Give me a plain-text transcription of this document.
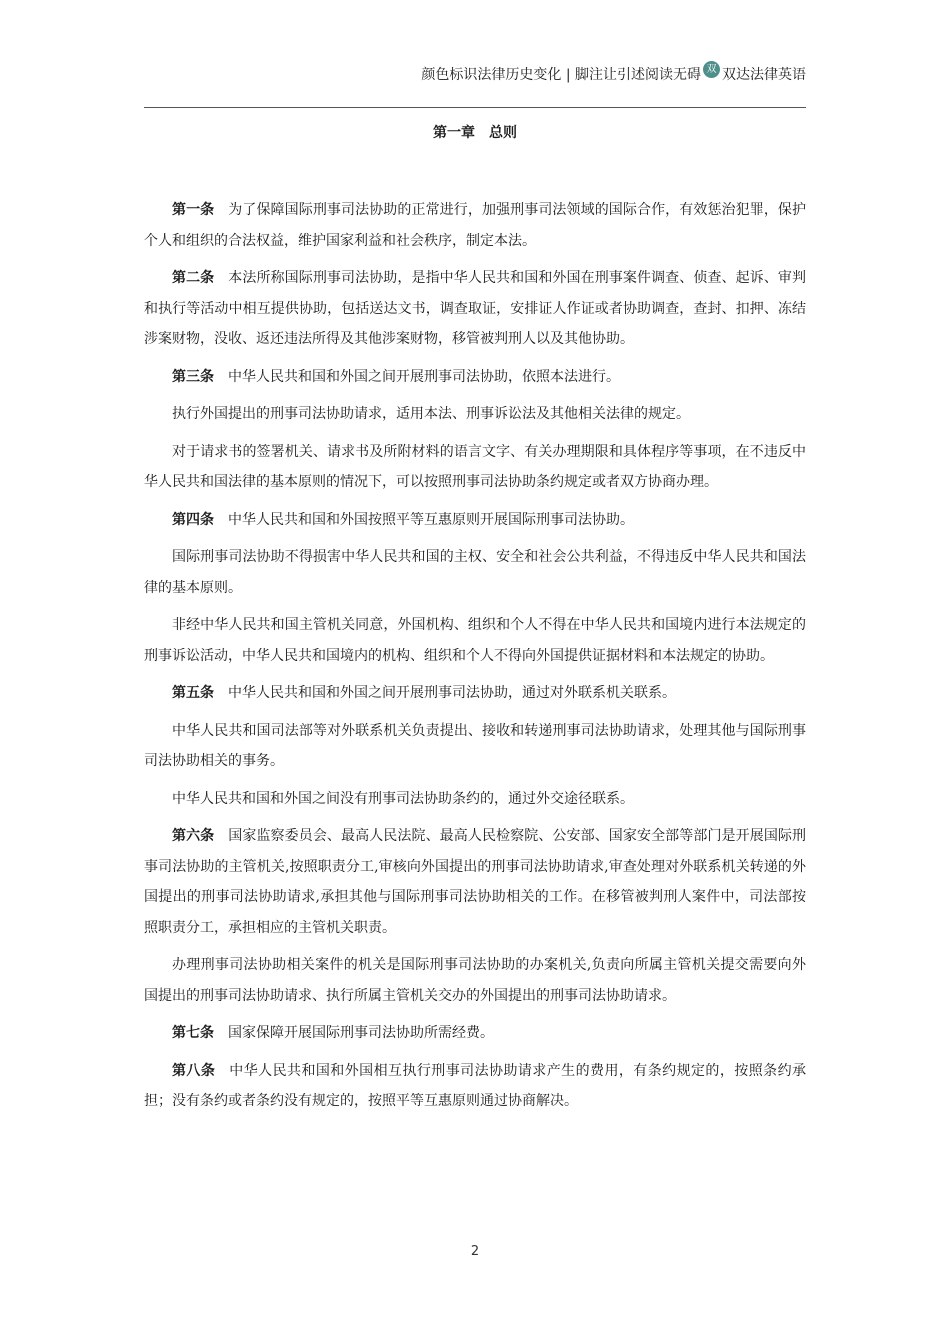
颜色标识法律历史变化 | 脚注让引述阅读无碍 双 双达法律英语
第一章 总则

第一条 为了保障国际刑事司法协助的正常进行，加强刑事司法领域的国际合作，有效惩治犯罪，保护个人和组织的合法权益，维护国家利益和社会秩序，制定本法。

第二条 本法所称国际刑事司法协助，是指中华人民共和国和外国在刑事案件调查、侦查、起诉、审判和执行等活动中相互提供协助，包括送达文书，调查取证，安排证人作证或者协助调查，查封、扣押、冻结涉案财物，没收、返还违法所得及其他涉案财物，移管被判刑人以及其他协助。

第三条 中华人民共和国和外国之间开展刑事司法协助，依照本法进行。

执行外国提出的刑事司法协助请求，适用本法、刑事诉讼法及其他相关法律的规定。

对于请求书的签署机关、请求书及所附材料的语言文字、有关办理期限和具体程序等事项，在不违反中华人民共和国法律的基本原则的情况下，可以按照刑事司法协助条约规定或者双方协商办理。

第四条 中华人民共和国和外国按照平等互惠原则开展国际刑事司法协助。

国际刑事司法协助不得损害中华人民共和国的主权、安全和社会公共利益，不得违反中华人民共和国法律的基本原则。

非经中华人民共和国主管机关同意，外国机构、组织和个人不得在中华人民共和国境内进行本法规定的刑事诉讼活动，中华人民共和国境内的机构、组织和个人不得向外国提供证据材料和本法规定的协助。

第五条 中华人民共和国和外国之间开展刑事司法协助，通过对外联系机关联系。

中华人民共和国司法部等对外联系机关负责提出、接收和转递刑事司法协助请求，处理其他与国际刑事司法协助相关的事务。

中华人民共和国和外国之间没有刑事司法协助条约的，通过外交途径联系。

第六条 国家监察委员会、最高人民法院、最高人民检察院、公安部、国家安全部等部门是开展国际刑事司法协助的主管机关,按照职责分工,审核向外国提出的刑事司法协助请求,审查处理对外联系机关转递的外国提出的刑事司法协助请求,承担其他与国际刑事司法协助相关的工作。在移管被判刑人案件中，司法部按照职责分工，承担相应的主管机关职责。

办理刑事司法协助相关案件的机关是国际刑事司法协助的办案机关,负责向所属主管机关提交需要向外国提出的刑事司法协助请求、执行所属主管机关交办的外国提出的刑事司法协助请求。

第七条 国家保障开展国际刑事司法协助所需经费。

第八条 中华人民共和国和外国相互执行刑事司法协助请求产生的费用，有条约规定的，按照条约承担；没有条约或者条约没有规定的，按照平等互惠原则通过协商解决。

2
